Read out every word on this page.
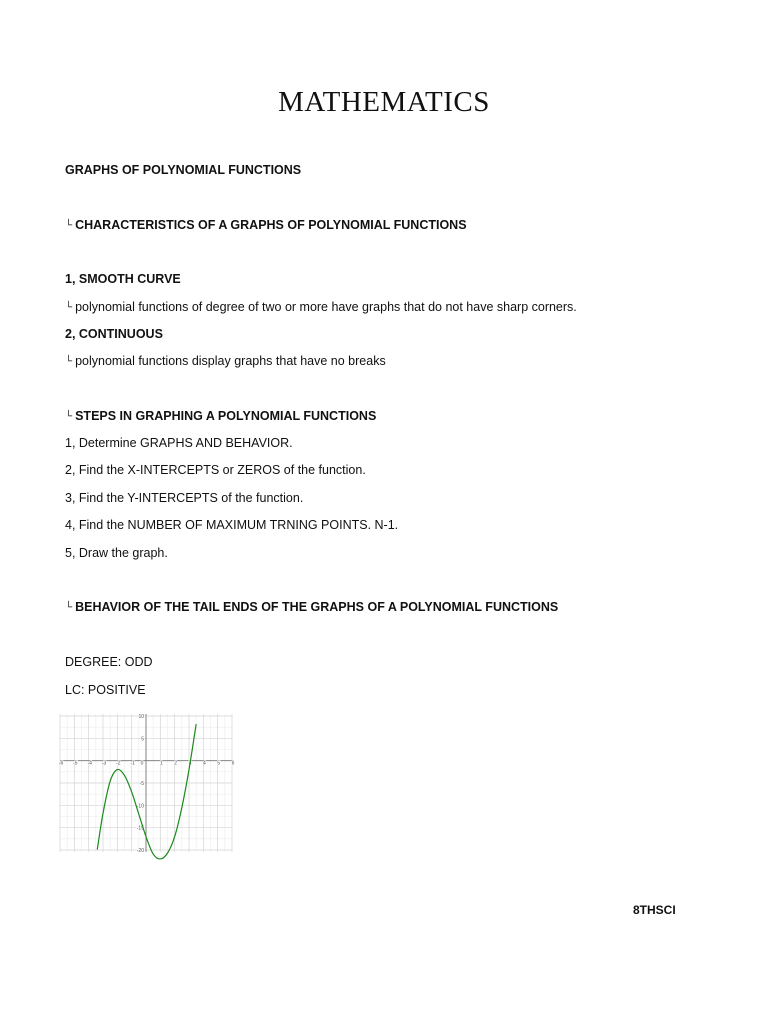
MATHEMATICS
GRAPHS OF POLYNOMIAL FUNCTIONS
└ CHARACTERISTICS OF A GRAPHS OF POLYNOMIAL FUNCTIONS
1, SMOOTH CURVE
└ polynomial functions of degree of two or more have graphs that do not have sharp corners.
2, CONTINUOUS
└ polynomial functions display graphs that have no breaks
└ STEPS IN GRAPHING A POLYNOMIAL FUNCTIONS
1, Determine GRAPHS AND BEHAVIOR.
2, Find the X-INTERCEPTS or ZEROS of the function.
3, Find the Y-INTERCEPTS of the function.
4, Find the NUMBER OF MAXIMUM TRNING POINTS. N-1.
5, Draw the graph.
└ BEHAVIOR OF THE TAIL ENDS OF THE GRAPHS OF A POLYNOMIAL FUNCTIONS
DEGREE: ODD
LC: POSITIVE
-6 -5 -4 -3 -2 -1 0	1 2 3 4 5 6
10
5
-5
-10
-15
-20
8THSCI
